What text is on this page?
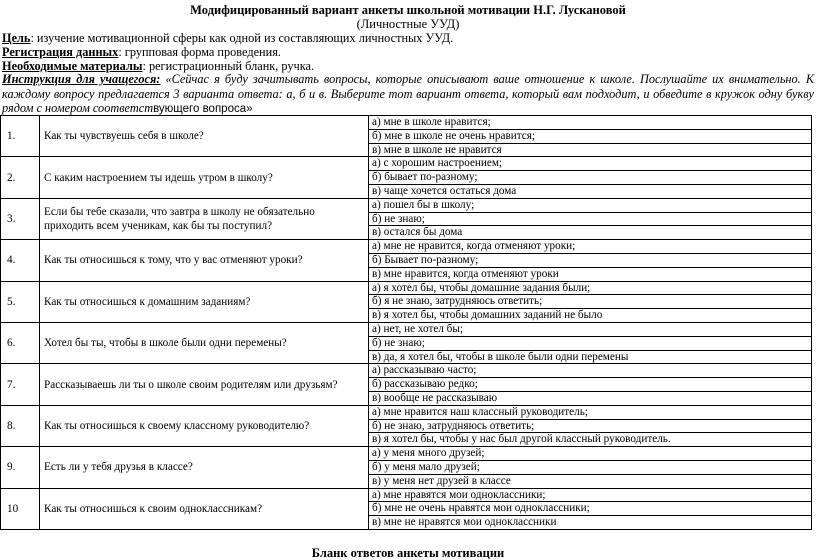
Модифицированный вариант анкеты школьной мотивации Н.Г. Лускановой
(Личностные УУД)
Цель: изучение мотивационной сферы как одной из составляющих личностных УУД.
Регистрация данных: групповая форма проведения.
Необходимые материалы: регистрационный бланк, ручка.
Инструкция для учащегося: «Сейчас я буду зачитывать вопросы, которые описывают ваше отношение к школе. Послушайте их внимательно. К каждому вопросу предлагается 3 варианта ответа: а, б и в. Выберите тот вариант ответа, который вам подходит, и обведите в кружок одну букву рядом с номером соответствующего вопроса»
1.	Как ты чувствуешь себя в школе?	а) мне в школе нравится;
б) мне в школе не очень нравится;
в) мне в школе не нравится

2.	С каким настроением ты идешь утром в школу?	а) с хорошим настроением;
б) бывает по-разному;
в) чаще хочется остаться дома

3.	Если бы тебе сказали, что завтра в школу не обязательно приходить всем ученикам, как бы ты поступил?	а) пошел бы в школу;
б) не знаю;
в) остался бы дома

4.	Как ты относишься к тому, что у вас отменяют уроки?	а) мне не нравится, когда отменяют уроки;
б) Бывает по-разному;
в) мне нравится, когда отменяют уроки

5.	Как ты относишься к домашним заданиям?	а) я хотел бы, чтобы домашние задания были;
б) я не знаю, затрудняюсь ответить;
в) я хотел бы, чтобы домашних заданий не было

6.	Хотел бы ты, чтобы в школе были одни перемены?	а) нет, не хотел бы;
б) не знаю;
в) да, я хотел бы, чтобы в школе были одни перемены

7.	Рассказываешь ли ты о школе своим родителям или друзьям?	а) рассказываю часто;
б) рассказываю редко;
в) вообще не рассказываю

8.	Как ты относишься к своему классному руководителю?	а) мне нравится наш классный руководитель;
б) не знаю, затрудняюсь ответить;
в) я хотел бы, чтобы у нас был другой классный руководитель.

9.	Есть ли у тебя друзья в классе?	а) у меня много друзей;
б) у меня мало друзей;
в) у меня нет друзей в классе

10	Как ты относишься к своим одноклассникам?	а) мне нравятся мои одноклассники;
б) мне не очень нравятся мои одноклассники;
в) мне не нравятся мои одноклассники
Бланк ответов анкеты мотивации
